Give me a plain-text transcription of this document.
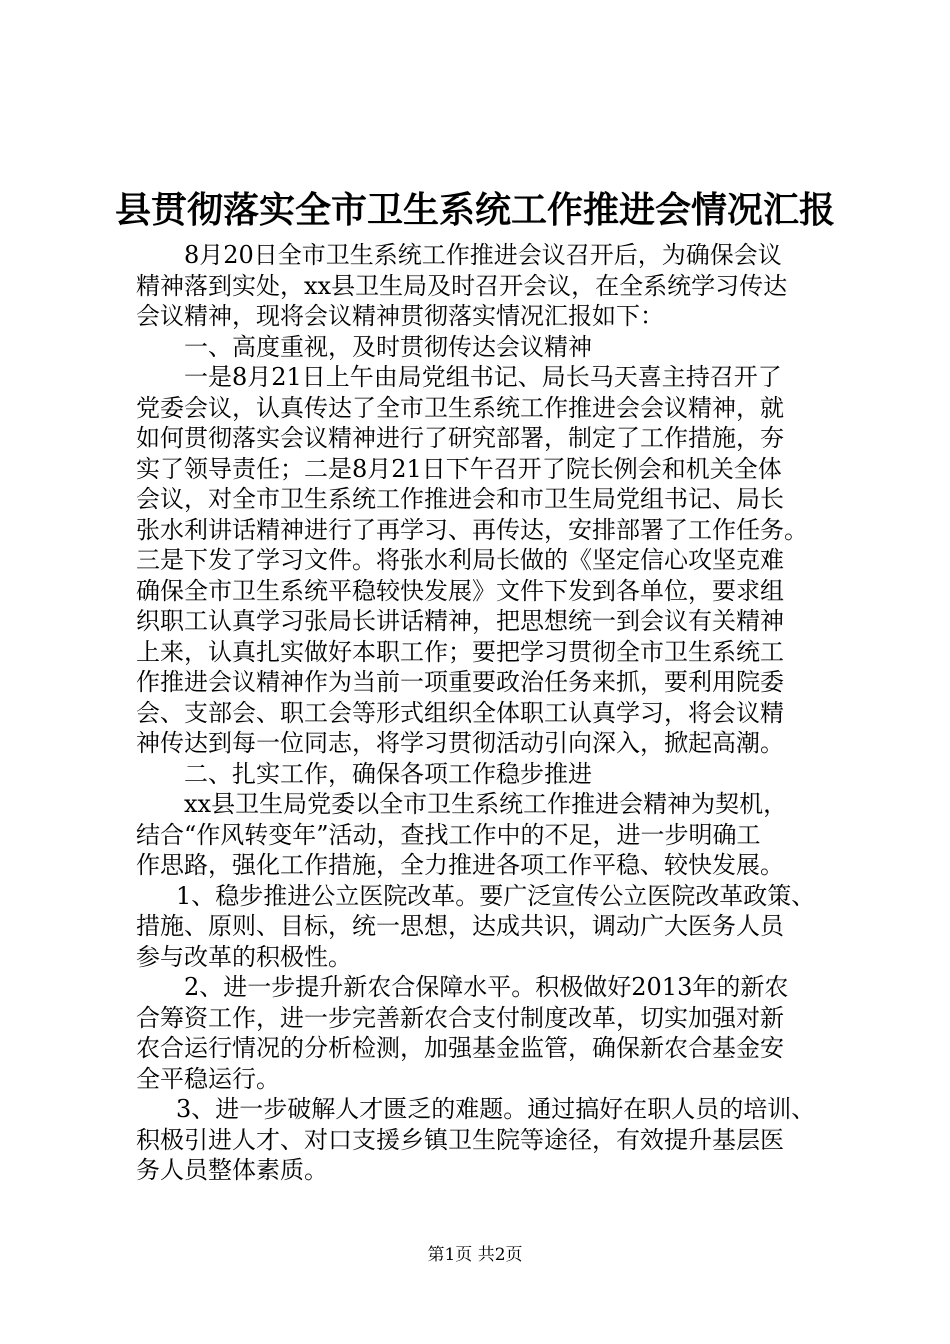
县贯彻落实全市卫生系统工作推进会情况汇报
8月20日全市卫生系统工作推进会议召开后，为确保会议
精神落到实处，xx县卫生局及时召开会议，在全系统学习传达
会议精神，现将会议精神贯彻落实情况汇报如下：
一、高度重视，及时贯彻传达会议精神
一是8月21日上午由局党组书记、局长马天喜主持召开了
党委会议，认真传达了全市卫生系统工作推进会会议精神，就
如何贯彻落实会议精神进行了研究部署，制定了工作措施，夯
实了领导责任；二是8月21日下午召开了院长例会和机关全体
会议，对全市卫生系统工作推进会和市卫生局党组书记、局长
张水利讲话精神进行了再学习、再传达，安排部署了工作任务。
三是下发了学习文件。将张水利局长做的《坚定信心攻坚克难
确保全市卫生系统平稳较快发展》文件下发到各单位，要求组
织职工认真学习张局长讲话精神，把思想统一到会议有关精神
上来，认真扎实做好本职工作；要把学习贯彻全市卫生系统工
作推进会议精神作为当前一项重要政治任务来抓，要利用院委
会、支部会、职工会等形式组织全体职工认真学习，将会议精
神传达到每一位同志，将学习贯彻活动引向深入，掀起高潮。
二、扎实工作，确保各项工作稳步推进
xx县卫生局党委以全市卫生系统工作推进会精神为契机，
结合“作风转变年”活动，查找工作中的不足，进一步明确工
作思路，强化工作措施，全力推进各项工作平稳、较快发展。
1、稳步推进公立医院改革。要广泛宣传公立医院改革政策、
措施、原则、目标，统一思想，达成共识，调动广大医务人员
参与改革的积极性。
2、进一步提升新农合保障水平。积极做好2013年的新农
合筹资工作，进一步完善新农合支付制度改革，切实加强对新
农合运行情况的分析检测，加强基金监管，确保新农合基金安
全平稳运行。
3、进一步破解人才匮乏的难题。通过搞好在职人员的培训、
积极引进人才、对口支援乡镇卫生院等途径，有效提升基层医
务人员整体素质。
第1页 共2页
